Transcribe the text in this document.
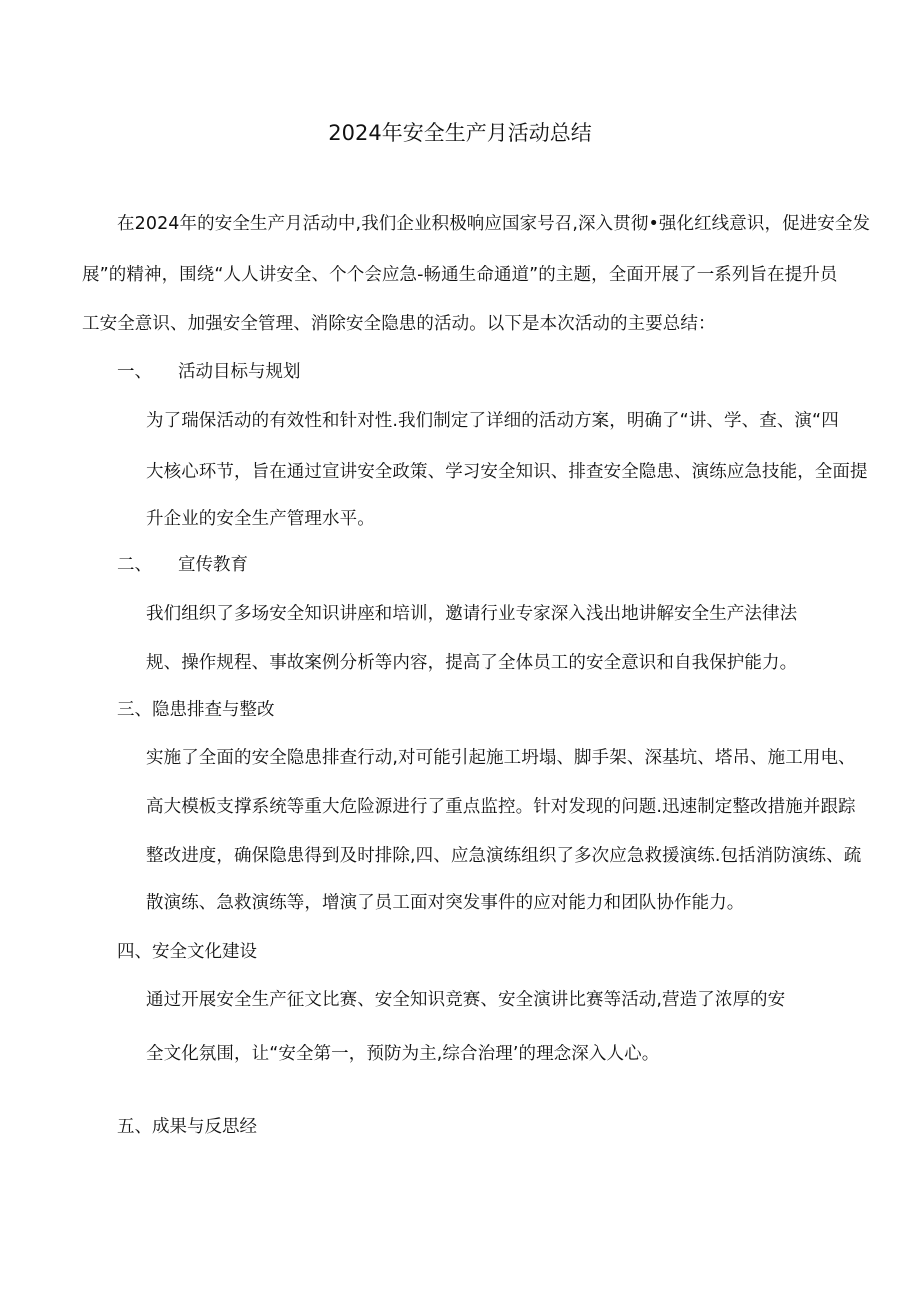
2024年安全生产月活动总结
在2024年的安全生产月活动中,我们企业积极响应国家号召,深入贯彻•强化红线意识，促进安全发
展”的精神，围绕“人人讲安全、个个会应急-畅通生命通道”的主题，全面开展了一系列旨在提升员
工安全意识、加强安全管理、消除安全隐患的活动。以下是本次活动的主要总结：
一、 活动目标与规划
为了瑞保活动的有效性和针对性.我们制定了详细的活动方案，明确了“讲、学、查、演“四
大核心环节，旨在通过宣讲安全政策、学习安全知识、排查安全隐患、演练应急技能，全面提
升企业的安全生产管理水平。
二、 宣传教育
我们组织了多场安全知识讲座和培训，邀请行业专家深入浅出地讲解安全生产法律法
规、操作规程、事故案例分析等内容，提高了全体员工的安全意识和自我保护能力。
三、隐患排查与整改
实施了全面的安全隐患排查行动,对可能引起施工坍塌、脚手架、深基坑、塔吊、施工用电、
高大模板支撑系统等重大危险源进行了重点监控。针对发现的问题.迅速制定整改措施并跟踪
整改进度，确保隐患得到及时排除,四、应急演练组织了多次应急救援演练.包括消防演练、疏
散演练、急救演练等，增演了员工面对突发事件的应对能力和团队协作能力。
四、安全文化建设
通过开展安全生产征文比赛、安全知识竞赛、安全演讲比赛等活动,营造了浓厚的安
全文化氛围，让“安全第一，预防为主,综合治理’的理念深入人心。
五、成果与反思经
